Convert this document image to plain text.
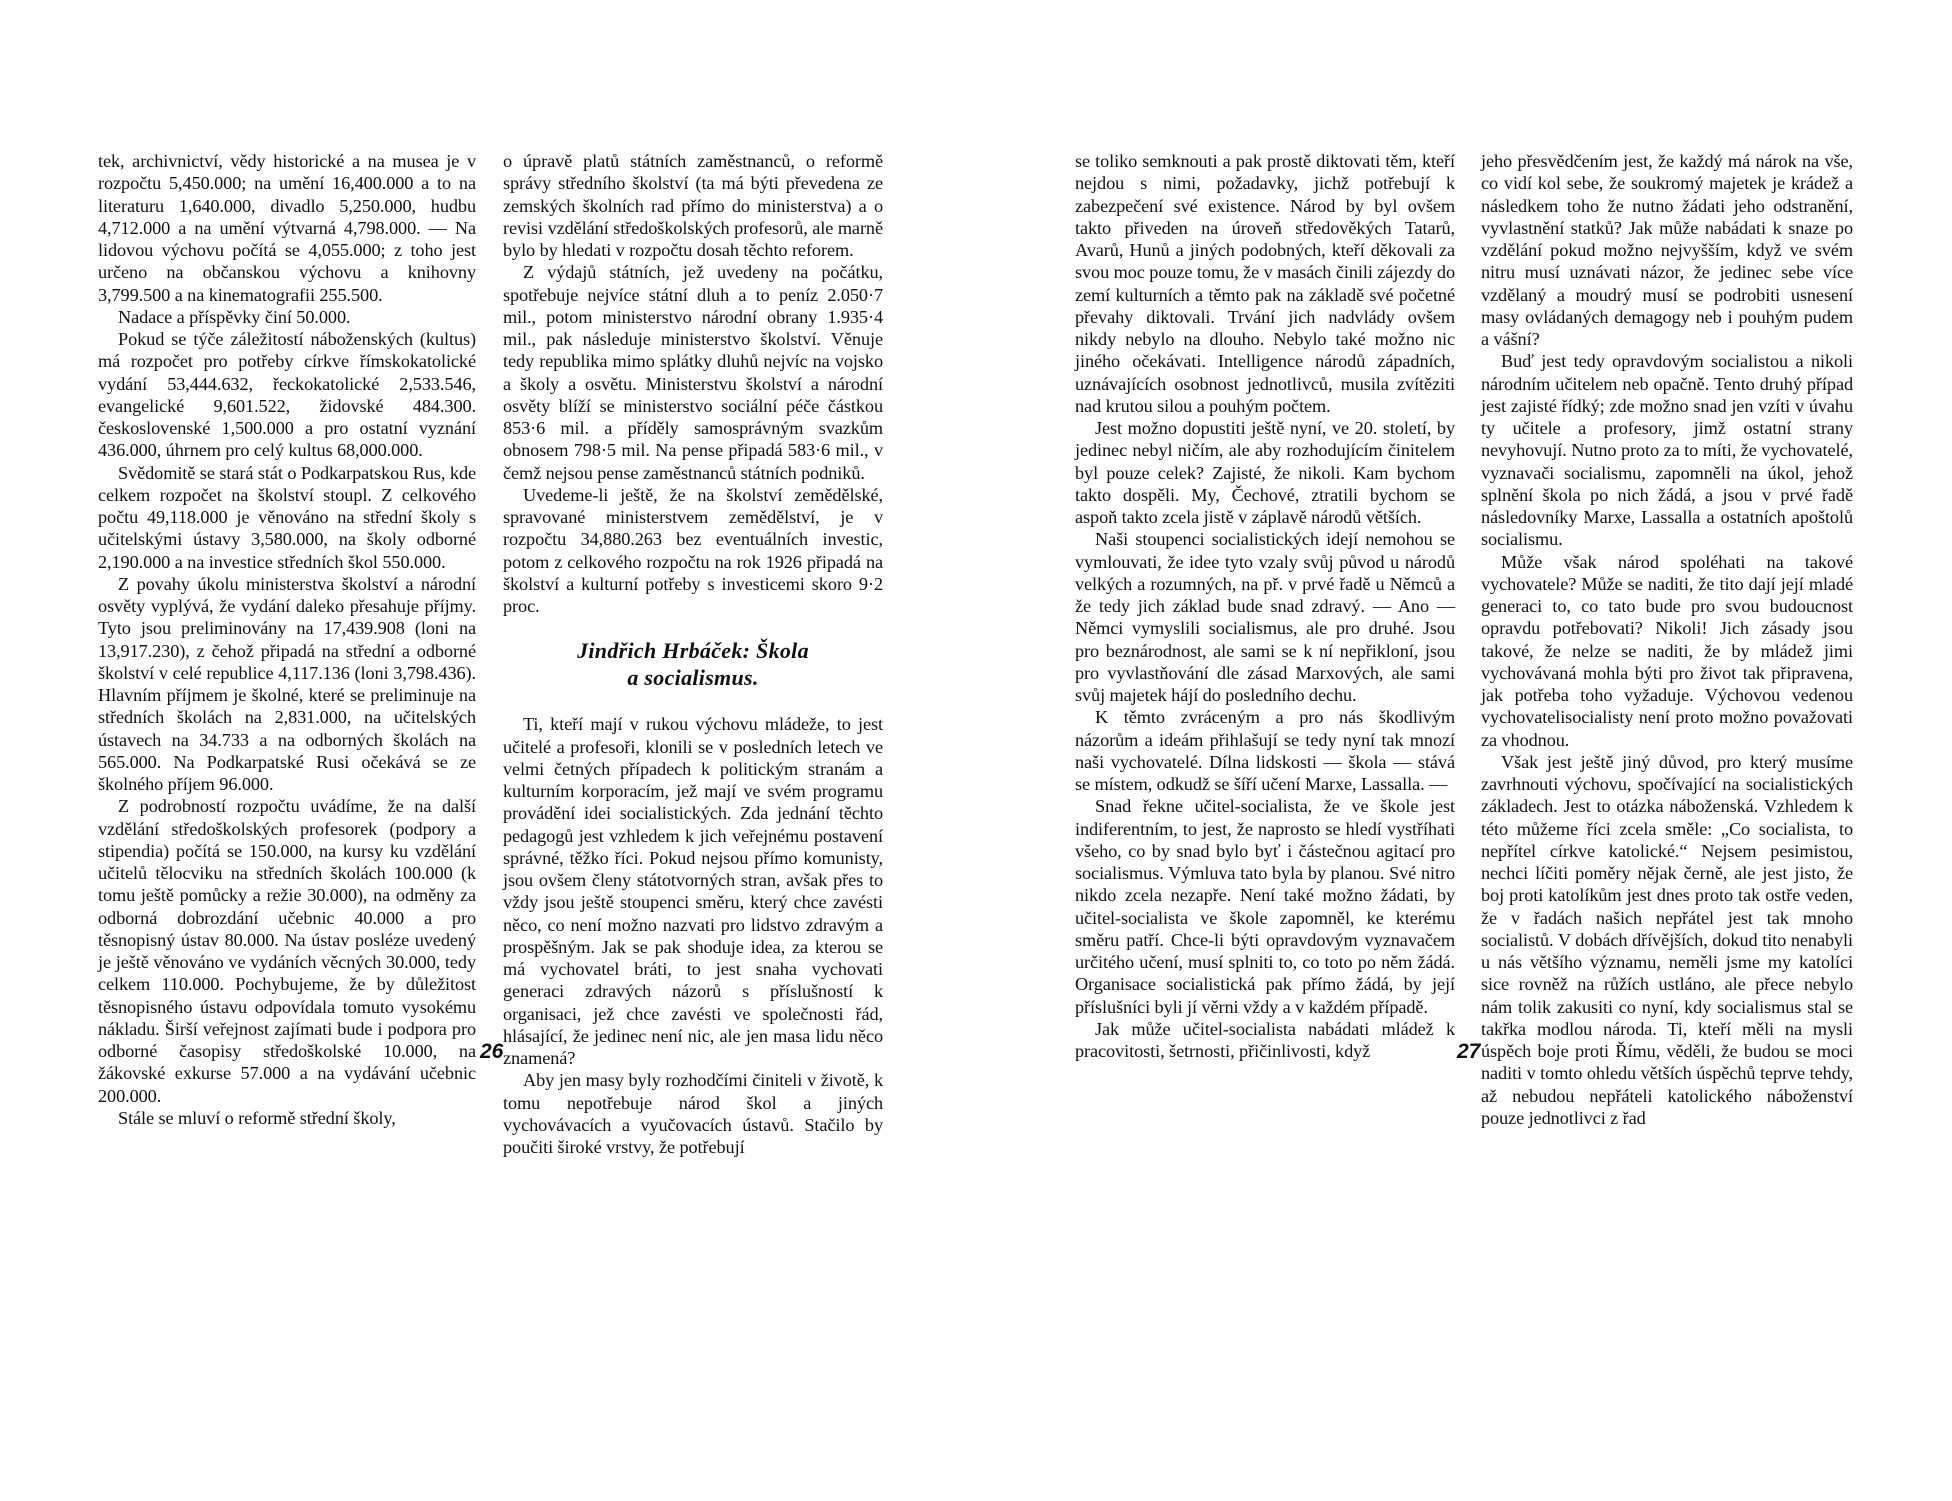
tek, archivnictví, vědy historické a na musea je v rozpočtu 5,450.000; na umění 16,400.000 a to na literaturu 1,640.000, divadlo 5,250.000, hudbu 4,712.000 a na umění výtvarná 4,798.000. — Na lidovou výchovu počítá se 4,055.000; z toho jest určeno na občanskou výchovu a knihovny 3,799.500 a na kinematografii 255.500.

Nadace a příspěvky činí 50.000.

Pokud se týče záležitostí náboženských (kultus) má rozpočet pro potřeby církve římskokatolické vydání 53,444.632, řeckokatolické 2,533.546, evangelické 9,601.522, židovské 484.300. československé 1,500.000 a pro ostatní vyznání 436.000, úhrnem pro celý kultus 68,000.000.

Svědomitě se stará stát o Podkarpatskou Rus, kde celkem rozpočet na školství stoupl. Z celkového počtu 49,118.000 je věnováno na střední školy s učitelskými ústavy 3,580.000, na školy odborné 2,190.000 a na investice středních škol 550.000.

Z povahy úkolu ministerstva školství a národní osvěty vyplývá, že vydání daleko přesahuje příjmy. Tyto jsou preliminovány na 17,439.908 (loni na 13,917.230), z čehož připadá na střední a odborné školství v celé republice 4,117.136 (loni 3,798.436). Hlavním příjmem je školné, které se preliminuje na středních školách na 2,831.000, na učitelských ústavech na 34.733 a na odborných školách na 565.000. Na Podkarpatské Rusi očekává se ze školného příjem 96.000.

Z podrobností rozpočtu uvádíme, že na další vzdělání středoškolských profesorek (podpory a stipendia) počítá se 150.000, na kursy ku vzdělání učitelů tělocviku na středních školách 100.000 (k tomu ještě pomůcky a režie 30.000), na odměny za odborná dobrozdání učebnic 40.000 a pro těsnopisný ústav 80.000. Na ústav posléze uvedený je ještě věnováno ve vydáních věcných 30.000, tedy celkem 110.000. Pochybujeme, že by důležitost těsnopisného ústavu odpovídala tomuto vysokému nákladu. Širší veřejnost zajímati bude i podpora pro odborné časopisy středoškolské 10.000, na žákovské exkurse 57.000 a na vydávání učebnic 200.000.

Stále se mluví o reformě střední školy,

o úpravě platů státních zaměstnanců, o reformě správy středního školství (ta má býti převedena ze zemských školních rad přímo do ministerstva) a o revisi vzdělání středoškolských profesorů, ale marně bylo by hledati v rozpočtu dosah těchto reforem.

Z výdajů státních, jež uvedeny na počátku, spotřebuje nejvíce státní dluh a to peníz 2.050·7 mil., potom ministerstvo národní obrany 1.935·4 mil., pak následuje ministerstvo školství. Věnuje tedy republika mimo splátky dluhů nejvíc na vojsko a školy a osvětu. Ministerstvu školství a národní osvěty blíží se ministerstvo sociální péče částkou 853·6 mil. a příděly samosprávným svazkům obnosem 798·5 mil. Na pense připadá 583·6 mil., v čemž nejsou pense zaměstnanců státních podniků.

Uvedeme-li ještě, že na školství zemědělské, spravované ministerstvem zemědělství, je v rozpočtu 34,880.263 bez eventuálních investic, potom z celkového rozpočtu na rok 1926 připadá na školství a kulturní potřeby s investicemi skoro 9·2 proc.

Jindřich Hrbáček: Škola
a socialismus.

Ti, kteří mají v rukou výchovu mládeže, to jest učitelé a profesoři, klonili se v posledních letech ve velmi četných případech k politickým stranám a kulturním korporacím, jež mají ve svém programu provádění idei socialistických. Zda jednání těchto pedagogů jest vzhledem k jich veřejnému postavení správné, těžko říci. Pokud nejsou přímo komunisty, jsou ovšem členy státotvorných stran, avšak přes to vždy jsou ještě stoupenci směru, který chce zavésti něco, co není možno nazvati pro lidstvo zdravým a prospěšným. Jak se pak shoduje idea, za kterou se má vychovatel bráti, to jest snaha vychovati generaci zdravých názorů s příslušností k organisaci, jež chce zavésti ve společnosti řád, hlásající, že jedinec není nic, ale jen masa lidu něco znamená?

Aby jen masy byly rozhodčími činiteli v životě, k tomu nepotřebuje národ škol a jiných vychovávacích a vyučovacích ústavů. Stačilo by poučiti široké vrstvy, že potřebují

26

se toliko semknouti a pak prostě diktovati těm, kteří nejdou s nimi, požadavky, jichž potřebují k zabezpečení své existence. Národ by byl ovšem takto přiveden na úroveň středověkých Tatarů, Avarů, Hunů a jiných podobných, kteří děkovali za svou moc pouze tomu, že v masách činili zájezdy do zemí kulturních a těmto pak na základě své početné převahy diktovali. Trvání jich nadvlády ovšem nikdy nebylo na dlouho. Nebylo také možno nic jiného očekávati. Intelligence národů západních, uznávajících osobnost jednotlivců, musila zvítěziti nad krutou silou a pouhým počtem.

Jest možno dopustiti ještě nyní, ve 20. století, by jedinec nebyl ničím, ale aby rozhodujícím činitelem byl pouze celek? Zajisté, že nikoli. Kam bychom takto dospěli. My, Čechové, ztratili bychom se aspoň takto zcela jistě v záplavě národů větších.

Naši stoupenci socialistických idejí nemohou se vymlouvati, že idee tyto vzaly svůj původ u národů velkých a rozumných, na př. v prvé řadě u Němců a že tedy jich základ bude snad zdravý. — Ano — Němci vymyslili socialismus, ale pro druhé. Jsou pro beznárodnost, ale sami se k ní nepřikloní, jsou pro vyvlastňování dle zásad Marxových, ale sami svůj majetek hájí do posledního dechu.

K těmto zvráceným a pro nás škodlivým názorům a ideám přihlašují se tedy nyní tak mnozí naši vychovatelé. Dílna lidskosti — škola — stává se místem, odkudž se šíří učení Marxe, Lassalla. —

Snad řekne učitel-socialista, že ve škole jest indiferentním, to jest, že naprosto se hledí vystříhati všeho, co by snad bylo byť i částečnou agitací pro socialismus. Výmluva tato byla by planou. Své nitro nikdo zcela nezapře. Není také možno žádati, by učitel-socialista ve škole zapomněl, ke kterému směru patří. Chce-li býti opravdovým vyznavačem určitého učení, musí splniti to, co toto po něm žádá. Organisace socialistická pak přímo žádá, by její příslušníci byli jí věrni vždy a v každém případě.

Jak může učitel-socialista nabádati mládež k pracovitosti, šetrnosti, přičinlivosti, když

jeho přesvědčením jest, že každý má nárok na vše, co vidí kol sebe, že soukromý majetek je krádež a následkem toho že nutno žádati jeho odstranění, vyvlastnění statků? Jak může nabádati k snaze po vzdělání pokud možno nejvyšším, když ve svém nitru musí uznávati názor, že jedinec sebe více vzdělaný a moudrý musí se podrobiti usnesení masy ovládaných demagogy neb i pouhým pudem a vášní?

Buď jest tedy opravdovým socialistou a nikoli národním učitelem neb opačně. Tento druhý případ jest zajisté řídký; zde možno snad jen vzíti v úvahu ty učitele a profesory, jimž ostatní strany nevyhovují. Nutno proto za to míti, že vychovatelé, vyznavači socialismu, zapomněli na úkol, jehož splnění škola po nich žádá, a jsou v prvé řadě následovníky Marxe, Lassalla a ostatních apoštolů socialismu.

Může však národ spoléhati na takové vychovatele? Může se naditi, že tito dají její mladé generaci to, co tato bude pro svou budoucnost opravdu potřebovati? Nikoli! Jich zásady jsou takové, že nelze se naditi, že by mládež jimi vychovávaná mohla býti pro život tak připravena, jak potřeba toho vyžaduje. Výchovou vedenou vychovatelisocialisty není proto možno považovati za vhodnou.

Však jest ještě jiný důvod, pro který musíme zavrhnouti výchovu, spočívající na socialistických základech. Jest to otázka náboženská. Vzhledem k této můžeme říci zcela směle: „Co socialista, to nepřítel církve katolické.“ Nejsem pesimistou, nechci líčiti poměry nějak černě, ale jest jisto, že boj proti katolíkům jest dnes proto tak ostře veden, že v řadách našich nepřátel jest tak mnoho socialistů. V dobách dřívějších, dokud tito nenabyli u nás většího významu, neměli jsme my katolíci sice rovněž na růžích ustláno, ale přece nebylo nám tolik zakusiti co nyní, kdy socialismus stal se takřka modlou národa. Ti, kteří měli na mysli úspěch boje proti Římu, věděli, že budou se moci naditi v tomto ohledu větších úspěchů teprve tehdy, až nebudou nepřáteli katolického náboženství pouze jednotlivci z řad

27
